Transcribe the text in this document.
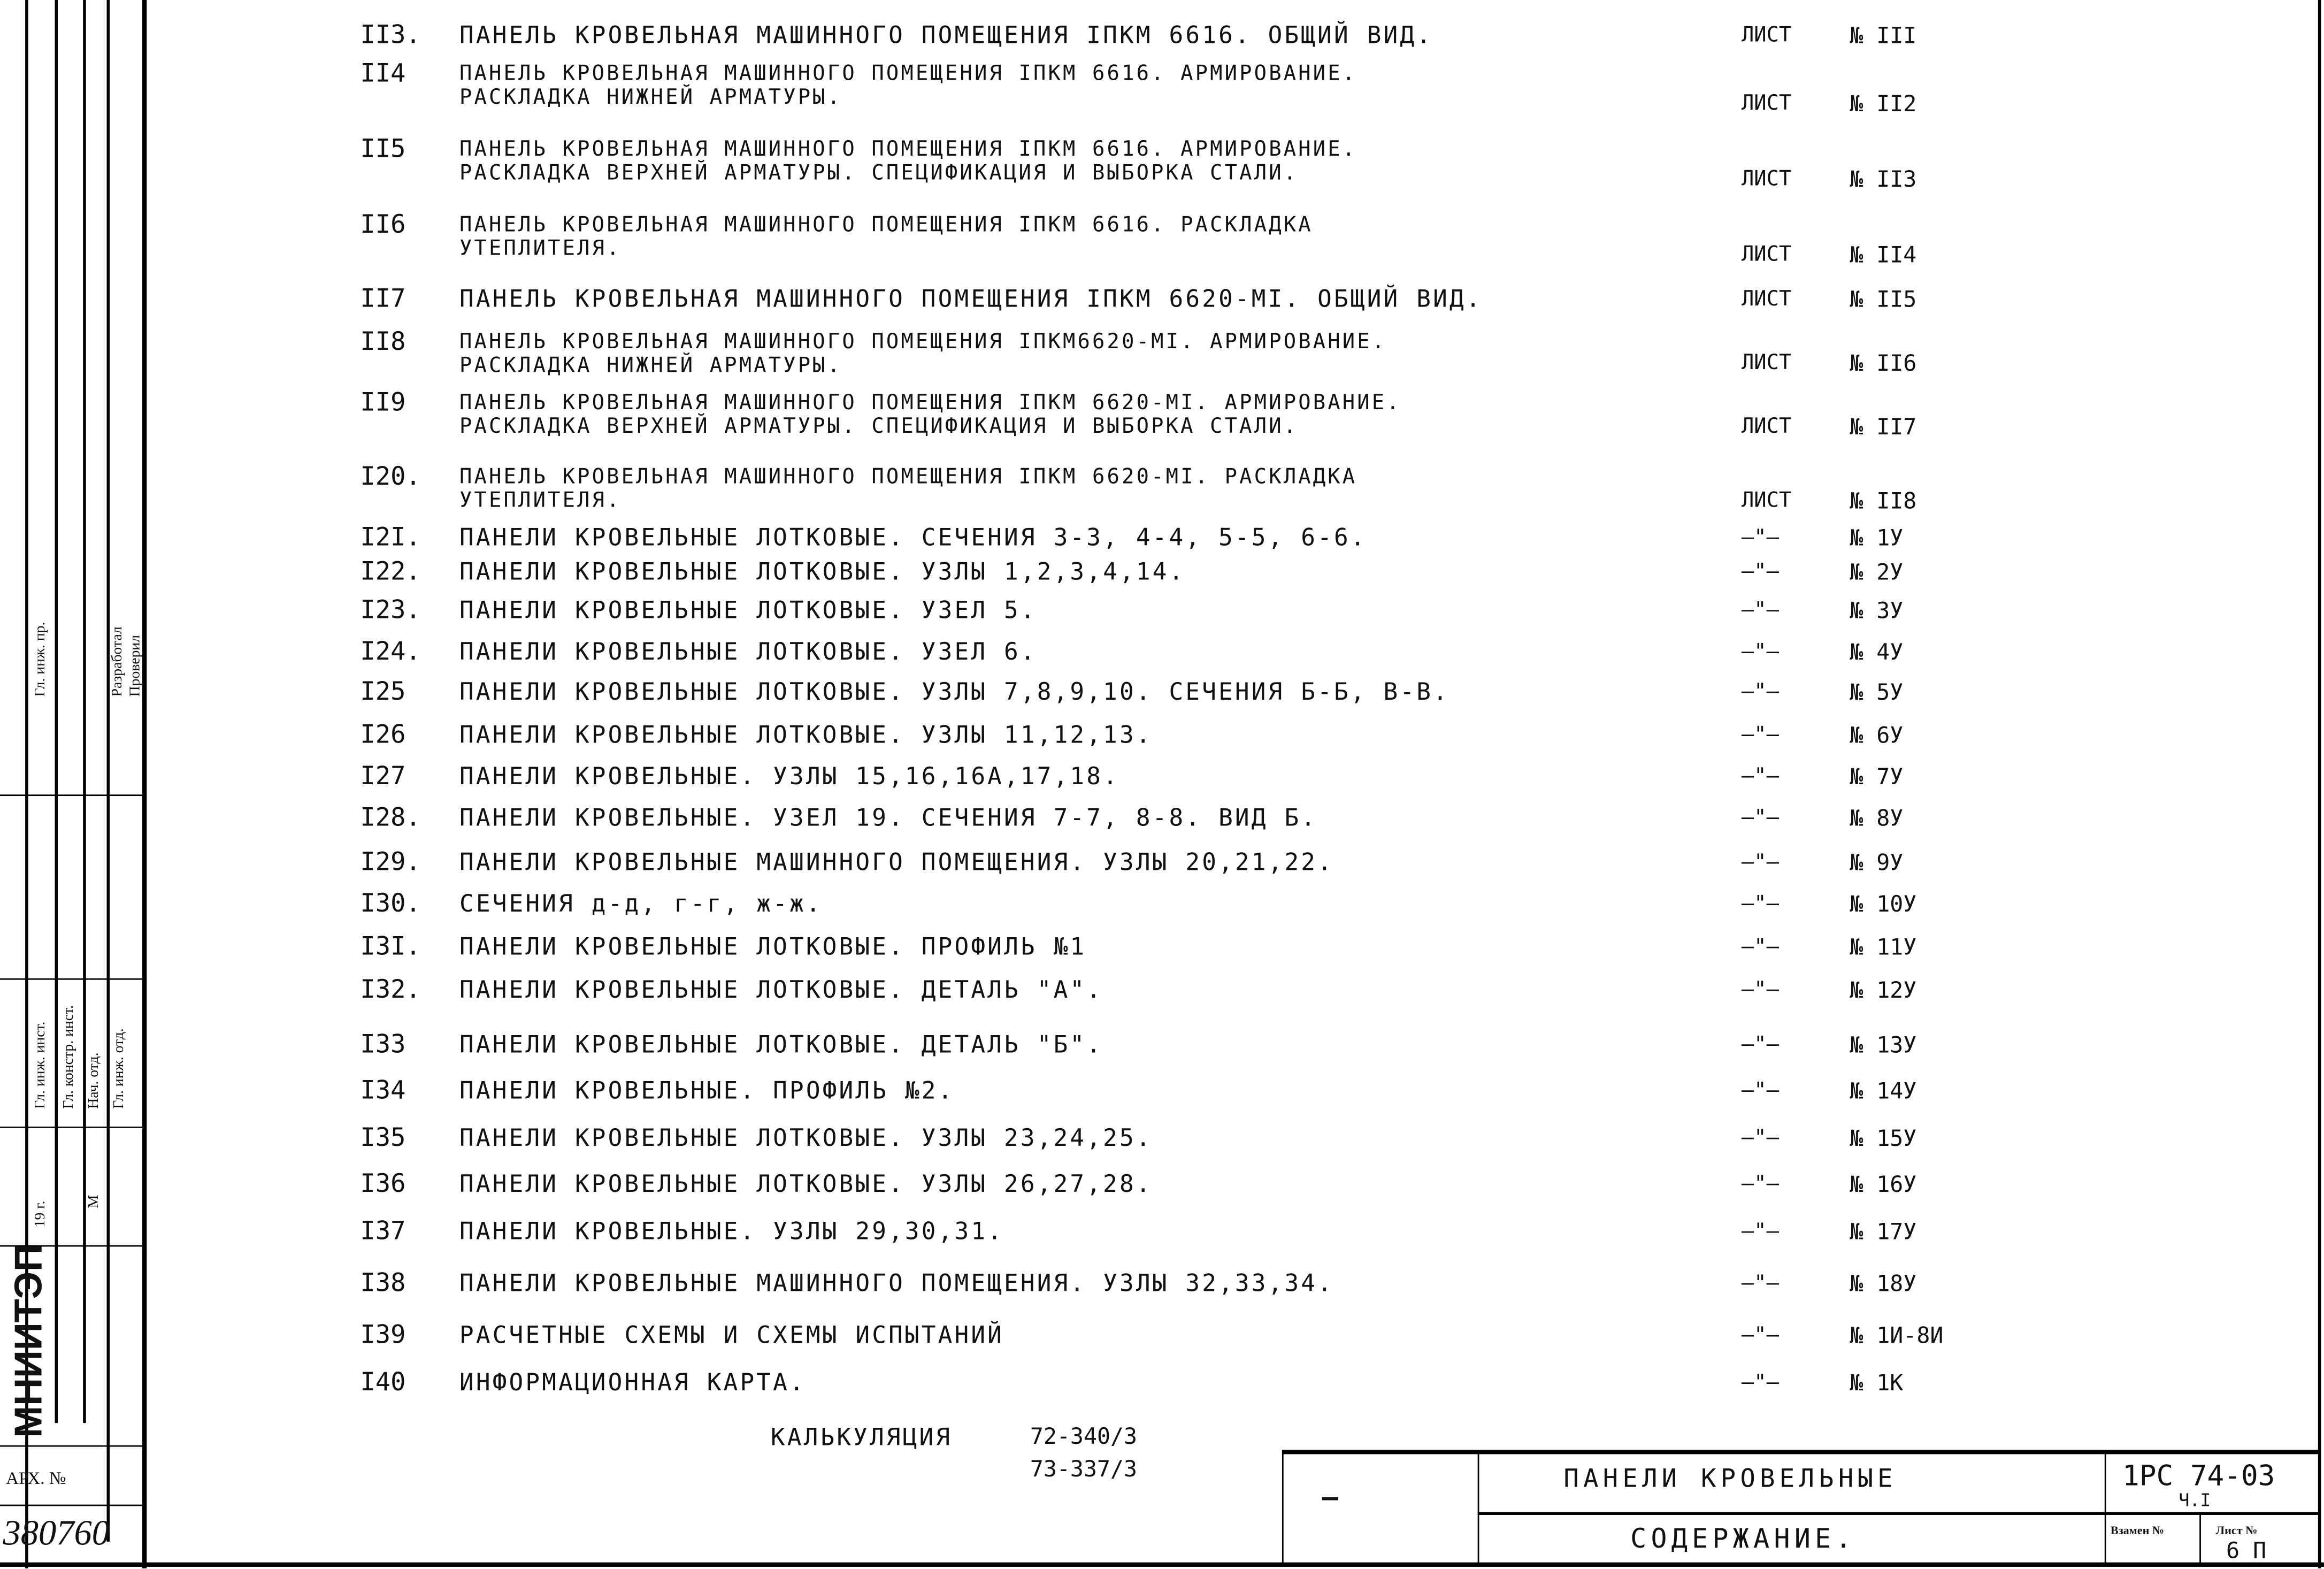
Гл. инж. пр.	Разработал Проверил
Гл. инж. инст. Гл. констр. инст. Нач. отд. Гл. инж. отд.
19 г.	М
МНИИТЭП
АРХ. №
380760
II3.	ПАНЕЛЬ КРОВЕЛЬНАЯ МАШИННОГО ПОМЕЩЕНИЯ IПКМ 6616. ОБЩИЙ ВИД.	ЛИСТ	№ III
II4	ПАНЕЛЬ КРОВЕЛЬНАЯ МАШИННОГО ПОМЕЩЕНИЯ IПКМ 6616. АРМИРОВАНИЕ.
РАСКЛАДКА НИЖНЕЙ АРМАТУРЫ.	ЛИСТ	№ II2
II5	ПАНЕЛЬ КРОВЕЛЬНАЯ МАШИННОГО ПОМЕЩЕНИЯ IПКМ 6616. АРМИРОВАНИЕ.
РАСКЛАДКА ВЕРХНЕЙ АРМАТУРЫ. СПЕЦИФИКАЦИЯ И ВЫБОРКА СТАЛИ.	ЛИСТ	№ II3
II6	ПАНЕЛЬ КРОВЕЛЬНАЯ МАШИННОГО ПОМЕЩЕНИЯ IПКМ 6616. РАСКЛАДКА
УТЕПЛИТЕЛЯ.	ЛИСТ	№ II4
II7	ПАНЕЛЬ КРОВЕЛЬНАЯ МАШИННОГО ПОМЕЩЕНИЯ IПКМ 6620-MI. ОБЩИЙ ВИД.	ЛИСТ	№ II5
II8	ПАНЕЛЬ КРОВЕЛЬНАЯ МАШИННОГО ПОМЕЩЕНИЯ IПКМ6620-MI. АРМИРОВАНИЕ.
РАСКЛАДКА НИЖНЕЙ АРМАТУРЫ.	ЛИСТ	№ II6
II9	ПАНЕЛЬ КРОВЕЛЬНАЯ МАШИННОГО ПОМЕЩЕНИЯ IПКМ 6620-MI. АРМИРОВАНИЕ.
РАСКЛАДКА ВЕРХНЕЙ АРМАТУРЫ. СПЕЦИФИКАЦИЯ И ВЫБОРКА СТАЛИ.	ЛИСТ	№ II7
I20.	ПАНЕЛЬ КРОВЕЛЬНАЯ МАШИННОГО ПОМЕЩЕНИЯ IПКМ 6620-MI. РАСКЛАДКА
УТЕПЛИТЕЛЯ.	ЛИСТ	№ II8
I2I.	ПАНЕЛИ КРОВЕЛЬНЫЕ ЛОТКОВЫЕ. СЕЧЕНИЯ 3-3, 4-4, 5-5, 6-6.	—"—	№ 1У
I22.	ПАНЕЛИ КРОВЕЛЬНЫЕ ЛОТКОВЫЕ. УЗЛЫ 1,2,3,4,14.	—"—	№ 2У
I23.	ПАНЕЛИ КРОВЕЛЬНЫЕ ЛОТКОВЫЕ. УЗЕЛ 5.	—"—	№ 3У
I24.	ПАНЕЛИ КРОВЕЛЬНЫЕ ЛОТКОВЫЕ. УЗЕЛ 6.	—"—	№ 4У
I25	ПАНЕЛИ КРОВЕЛЬНЫЕ ЛОТКОВЫЕ. УЗЛЫ 7,8,9,10. СЕЧЕНИЯ Б-Б, В-В.	—"—	№ 5У
I26	ПАНЕЛИ КРОВЕЛЬНЫЕ ЛОТКОВЫЕ. УЗЛЫ 11,12,13.	—"—	№ 6У
I27	ПАНЕЛИ КРОВЕЛЬНЫЕ. УЗЛЫ 15,16,16А,17,18.	—"—	№ 7У
I28.	ПАНЕЛИ КРОВЕЛЬНЫЕ. УЗЕЛ 19. СЕЧЕНИЯ 7-7, 8-8. ВИД Б.	—"—	№ 8У
I29.	ПАНЕЛИ КРОВЕЛЬНЫЕ МАШИННОГО ПОМЕЩЕНИЯ. УЗЛЫ 20,21,22.	—"—	№ 9У
I30.	СЕЧЕНИЯ д-д, г-г, ж-ж.	—"—	№ 10У
I3I.	ПАНЕЛИ КРОВЕЛЬНЫЕ ЛОТКОВЫЕ. ПРОФИЛЬ №1	—"—	№ 11У
I32.	ПАНЕЛИ КРОВЕЛЬНЫЕ ЛОТКОВЫЕ. ДЕТАЛЬ "А".	—"—	№ 12У
I33	ПАНЕЛИ КРОВЕЛЬНЫЕ ЛОТКОВЫЕ. ДЕТАЛЬ "Б".	—"—	№ 13У
I34	ПАНЕЛИ КРОВЕЛЬНЫЕ. ПРОФИЛЬ №2.	—"—	№ 14У
I35	ПАНЕЛИ КРОВЕЛЬНЫЕ ЛОТКОВЫЕ. УЗЛЫ 23,24,25.	—"—	№ 15У
I36	ПАНЕЛИ КРОВЕЛЬНЫЕ ЛОТКОВЫЕ. УЗЛЫ 26,27,28.	—"—	№ 16У
I37	ПАНЕЛИ КРОВЕЛЬНЫЕ. УЗЛЫ 29,30,31.	—"—	№ 17У
I38	ПАНЕЛИ КРОВЕЛЬНЫЕ МАШИННОГО ПОМЕЩЕНИЯ. УЗЛЫ 32,33,34.	—"—	№ 18У
I39	РАСЧЕТНЫЕ СХЕМЫ И СХЕМЫ ИСПЫТАНИЙ	—"—	№ 1И-8И
I40	ИНФОРМАЦИОННАЯ КАРТА.	—"—	№ 1К
КАЛЬКУЛЯЦИЯ	72-340/3
73-337/3
—
ПАНЕЛИ КРОВЕЛЬНЫЕ
СОДЕРЖАНИЕ.
1РС 74-03
Ч.I
Взамен №	Лист №
6 П
